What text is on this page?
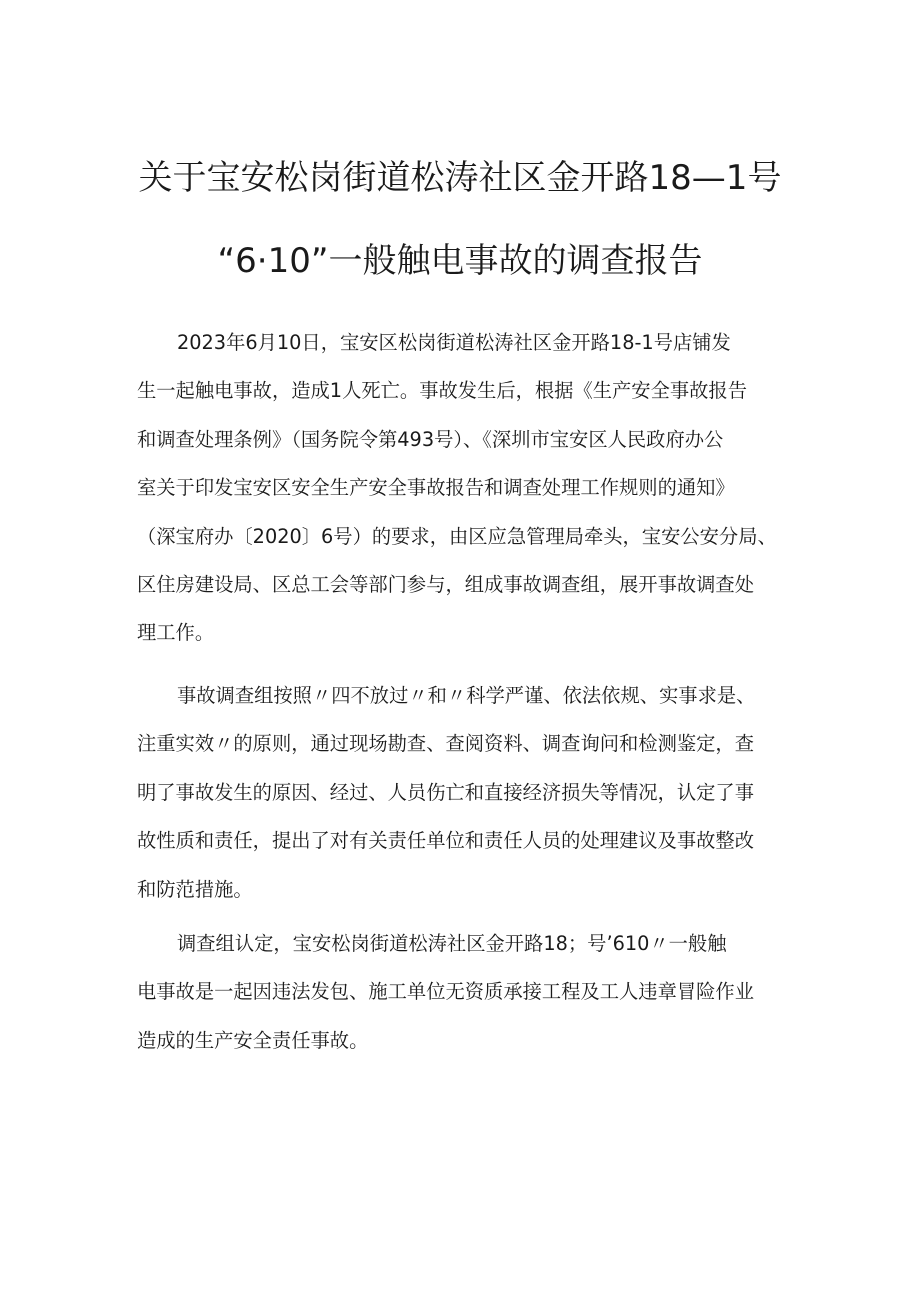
关于宝安松岗街道松涛社区金开路18—1号
“6·10”一般触电事故的调查报告
2023年6月10日，宝安区松岗街道松涛社区金开路18-1号店铺发
生一起触电事故，造成1人死亡。事故发生后，根据《生产安全事故报告
和调查处理条例》（国务院令第493号）、《深圳市宝安区人民政府办公
室关于印发宝安区安全生产安全事故报告和调查处理工作规则的通知》
（深宝府办〔2020〕6号）的要求，由区应急管理局牵头，宝安公安分局、
区住房建设局、区总工会等部门参与，组成事故调查组，展开事故调查处
理工作。
事故调查组按照〃四不放过〃和〃科学严谨、依法依规、实事求是、
注重实效〃的原则，通过现场勘查、查阅资料、调查询问和检测鉴定，查
明了事故发生的原因、经过、人员伤亡和直接经济损失等情况，认定了事
故性质和责任，提出了对有关责任单位和责任人员的处理建议及事故整改
和防范措施。
调查组认定，宝安松岗街道松涛社区金开路18；号’610〃一般触
电事故是一起因违法发包、施工单位无资质承接工程及工人违章冒险作业
造成的生产安全责任事故。
